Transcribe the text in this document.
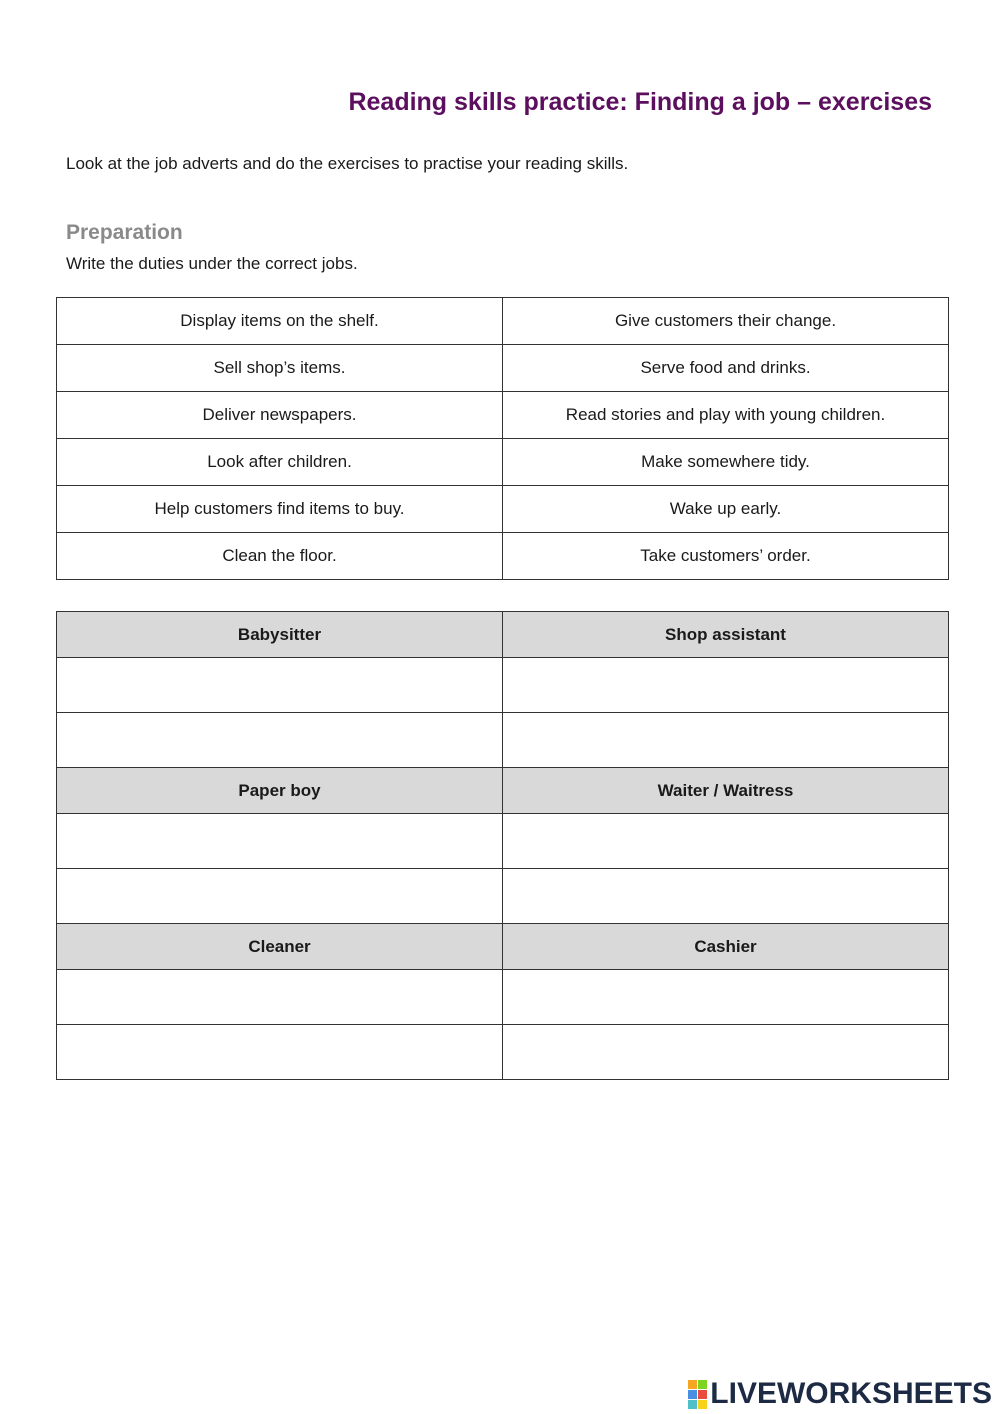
Reading skills practice: Finding a job – exercises

Look at the job adverts and do the exercises to practise your reading skills.

Preparation

Write the duties under the correct jobs.

Display items on the shelf.	Give customers their change.
Sell shop’s items.	Serve food and drinks.
Deliver newspapers.	Read stories and play with young children.
Look after children.	Make somewhere tidy.
Help customers find items to buy.	Wake up early.
Clean the floor.	Take customers’ order.
Babysitter	Shop assistant

Paper boy	Waiter / Waitress

Cleaner	Cashier

LIVEWORKSHEETS
